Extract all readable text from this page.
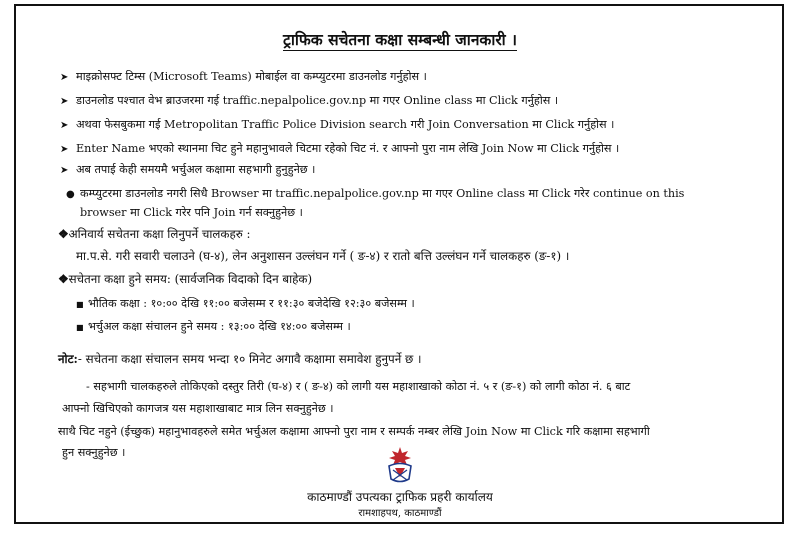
ट्राफिक सचेतना कक्षा सम्बन्धी जानकारी ।
➤ माइक्रोसफ्ट टिम्स (Microsoft Teams) मोबाईल वा कम्प्युटरमा डाउनलोड गर्नुहोस ।
➤ डाउनलोड पश्चात वेभ ब्राउजरमा गई traffic.nepalpolice.gov.np मा गएर Online class मा Click गर्नुहोस ।
➤ अथवा फेसबुकमा गई Metropolitan Traffic Police Division search गरी Join Conversation मा Click गर्नुहोस ।
➤ Enter Name भएको स्थानमा चिट हुने महानुभावले चिटमा रहेको चिट नं. र आफ्नो पुरा नाम लेखि Join Now मा Click गर्नुहोस ।
➤ अब तपाई केही समयमै भर्चुअल कक्षामा सहभागी हुनुहुनेछ ।
● कम्प्युटरमा डाउनलोड नगरी सिधै Browser मा traffic.nepalpolice.gov.np मा गएर Online class मा Click गरेर continue on this
browser मा Click गरेर पनि Join गर्न सक्नुहुनेछ ।
❖अनिवार्य सचेतना कक्षा लिनुपर्ने चालकहरु :
मा.प.से. गरी सवारी चलाउने (घ-४), लेन अनुशासन उल्लंघन गर्ने ( ङ-४) र रातो बत्ति उल्लंघन गर्ने चालकहरु (ङ-१) ।
❖सचेतना कक्षा हुने समय: (सार्वजनिक विदाको दिन बाहेक)
■ भौतिक कक्षा : १०:०० देखि ११:०० बजेसम्म र ११:३० बजेदेखि १२:३० बजेसम्म ।
■ भर्चुअल कक्षा संचालन हुने समय : १३:०० देखि १४:०० बजेसम्म ।
नोट:- सचेतना कक्षा संचालन समय भन्दा १० मिनेट अगावै कक्षामा समावेश हुनुपर्ने छ ।
- सहभागी चालकहरुले तोकिएको दस्तुर तिरी (घ-४) र ( ङ-४) को लागी यस महाशाखाको कोठा नं. ५ र (ङ-१) को लागी कोठा नं. ६ बाट
आफ्नो खिचिएको कागजत्र यस महाशाखाबाट मात्र लिन सक्नुहुनेछ ।
साथै चिट नहुने (ईच्छुक) महानुभावहरुले समेत भर्चुअल कक्षामा आफ्नो पुरा नाम र सम्पर्क नम्बर लेखि Join Now मा Click गरि कक्षामा सहभागी
हुन सक्नुहुनेछ ।
काठमाण्डौं उपत्यका ट्राफिक प्रहरी कार्यालय
रामशाहपथ, काठमाण्डौं
